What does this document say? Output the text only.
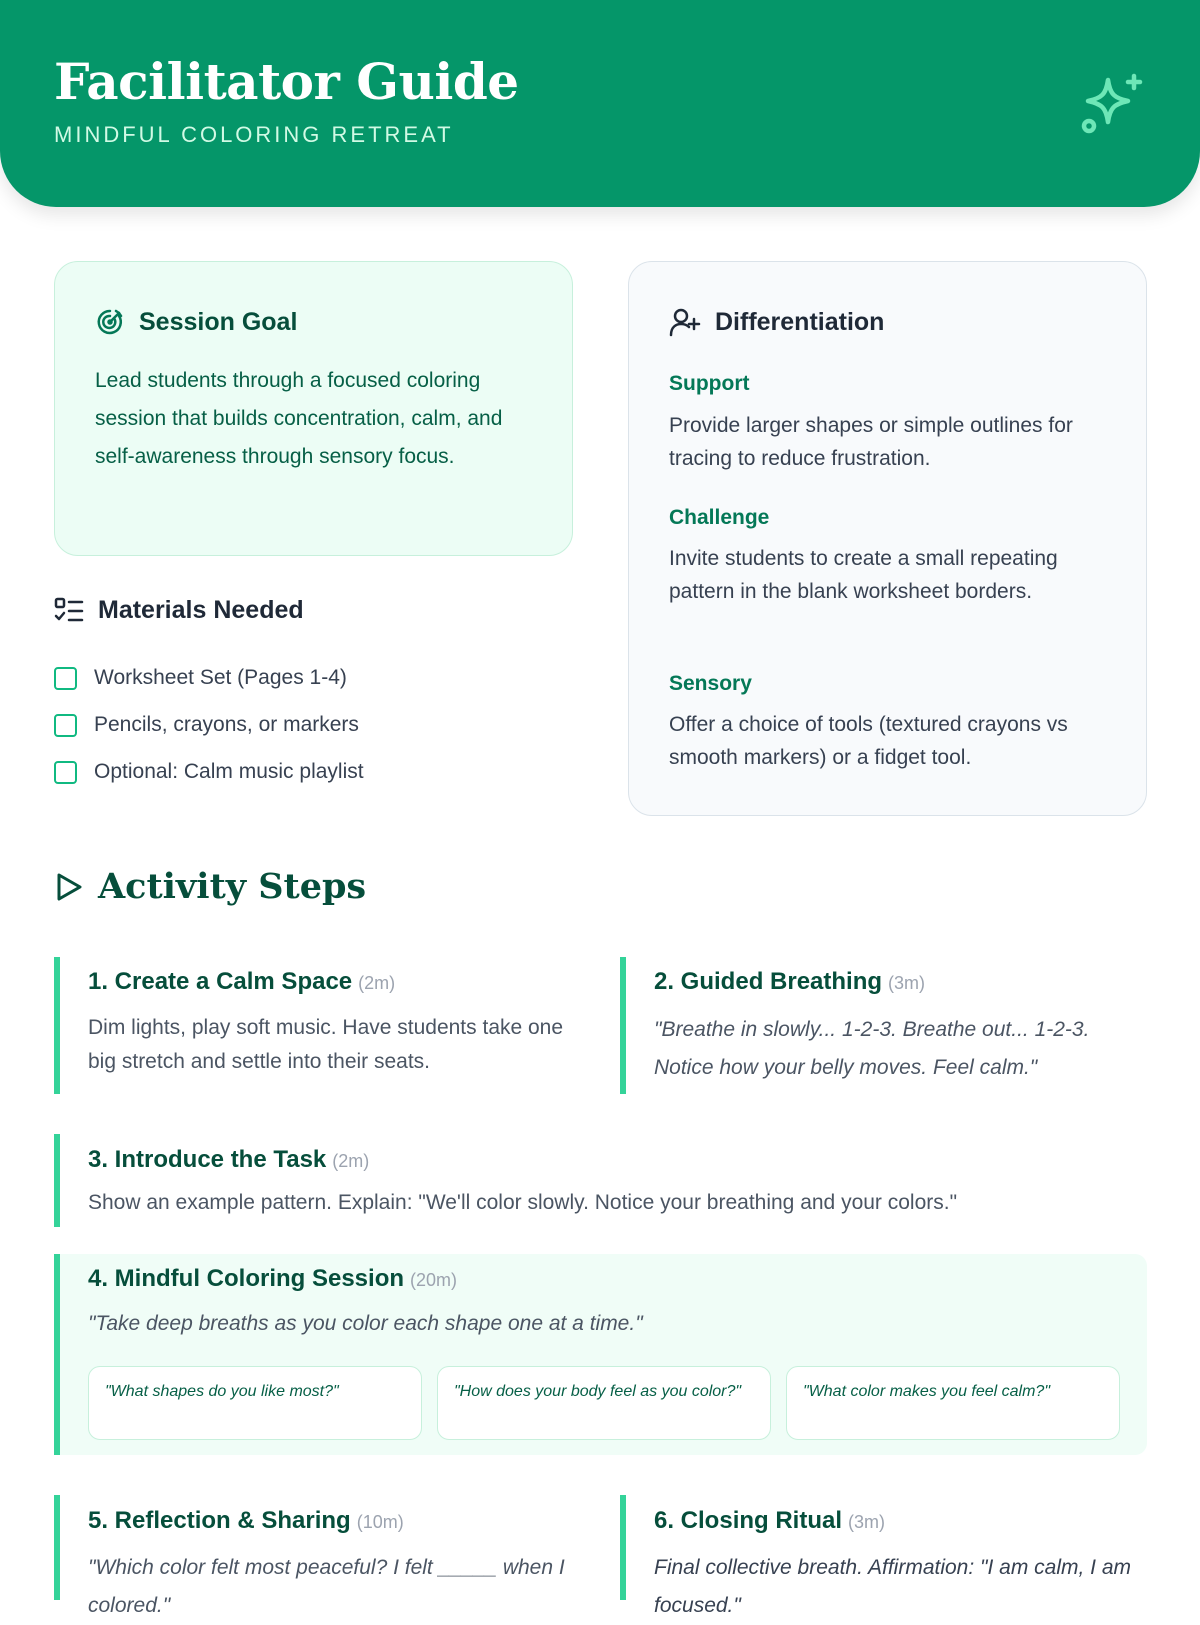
Facilitator Guide
MINDFUL COLORING RETREAT
Session Goal
Lead students through a focused coloring session that builds concentration, calm, and self-awareness through sensory focus.
Materials Needed
Worksheet Set (Pages 1-4)
Pencils, crayons, or markers
Optional: Calm music playlist
Differentiation
Support
Provide larger shapes or simple outlines for tracing to reduce frustration.
Challenge
Invite students to create a small repeating pattern in the blank worksheet borders.
Sensory
Offer a choice of tools (textured crayons vs smooth markers) or a fidget tool.
Activity Steps
1. Create a Calm Space (2m)
Dim lights, play soft music. Have students take one big stretch and settle into their seats.
2. Guided Breathing (3m)
"Breathe in slowly... 1-2-3. Breathe out... 1-2-3. Notice how your belly moves. Feel calm."
3. Introduce the Task (2m)
Show an example pattern. Explain: "We'll color slowly. Notice your breathing and your colors."
4. Mindful Coloring Session (20m)
"Take deep breaths as you color each shape one at a time."
"What shapes do you like most?"	"How does your body feel as you color?"	"What color makes you feel calm?"
5. Reflection & Sharing (10m)
"Which color felt most peaceful? I felt _____ when I colored."
6. Closing Ritual (3m)
Final collective breath. Affirmation: "I am calm, I am focused."
